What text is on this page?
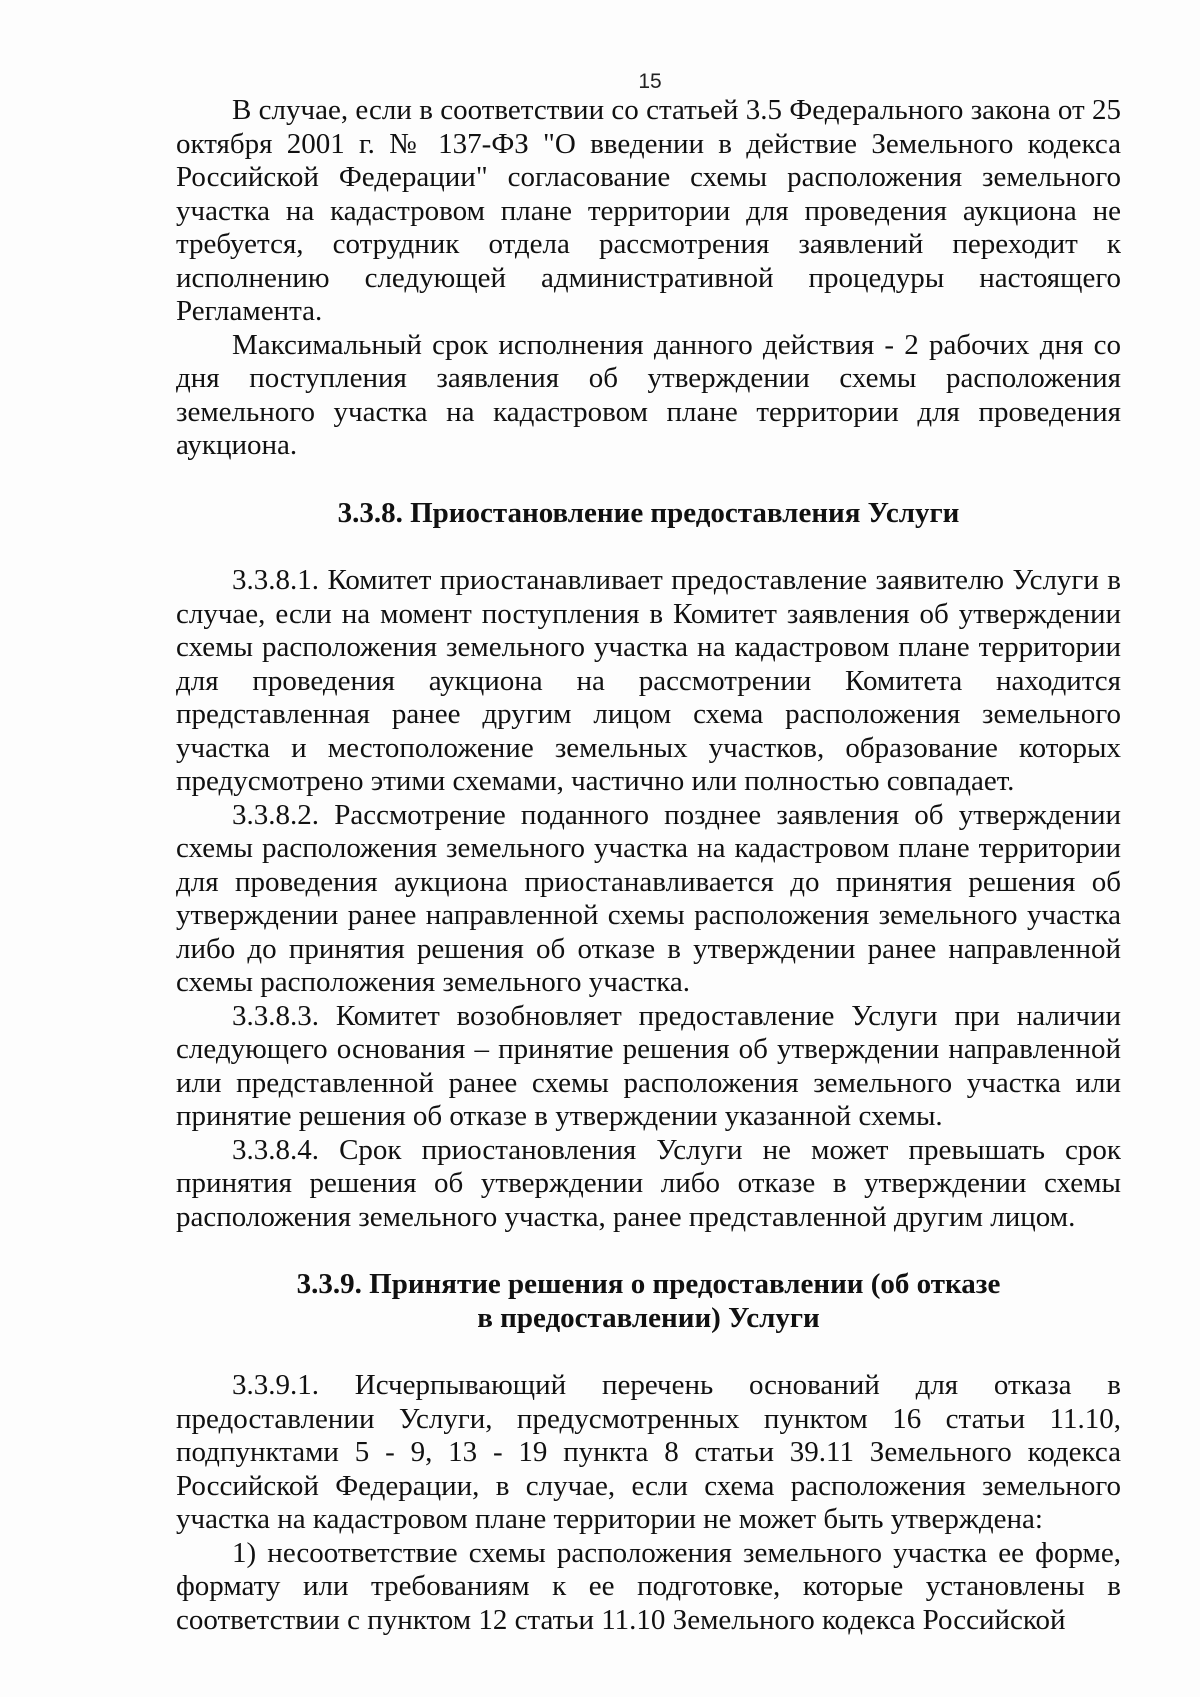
15

В случае, если в соответствии со статьей 3.5 Федерального закона от 25 октября 2001 г. № 137-ФЗ "О введении в действие Земельного кодекса Российской Федерации" согласование схемы расположения земельного участка на кадастровом плане территории для проведения аукциона не требуется, сотрудник отдела рассмотрения заявлений переходит к исполнению следующей административной процедуры настоящего Регламента.

Максимальный срок исполнения данного действия - 2 рабочих дня со дня поступления заявления об утверждении схемы расположения земельного участка на кадастровом плане территории для проведения аукциона.

3.3.8. Приостановление предоставления Услуги

3.3.8.1. Комитет приостанавливает предоставление заявителю Услуги в случае, если на момент поступления в Комитет заявления об утверждении схемы расположения земельного участка на кадастровом плане территории для проведения аукциона на рассмотрении Комитета находится представленная ранее другим лицом схема расположения земельного участка и местоположение земельных участков, образование которых предусмотрено этими схемами, частично или полностью совпадает.

3.3.8.2. Рассмотрение поданного позднее заявления об утверждении схемы расположения земельного участка на кадастровом плане территории для проведения аукциона приостанавливается до принятия решения об утверждении ранее направленной схемы расположения земельного участка либо до принятия решения об отказе в утверждении ранее направленной схемы расположения земельного участка.

3.3.8.3. Комитет возобновляет предоставление Услуги при наличии следующего основания – принятие решения об утверждении направленной или представленной ранее схемы расположения земельного участка или принятие решения об отказе в утверждении указанной схемы.

3.3.8.4. Срок приостановления Услуги не может превышать срок принятия решения об утверждении либо отказе в утверждении схемы расположения земельного участка, ранее представленной другим лицом.

3.3.9. Принятие решения о предоставлении (об отказе
в предоставлении) Услуги

3.3.9.1. Исчерпывающий перечень оснований для отказа в предоставлении Услуги, предусмотренных пунктом 16 статьи 11.10, подпунктами 5 - 9, 13 - 19 пункта 8 статьи 39.11 Земельного кодекса Российской Федерации, в случае, если схема расположения земельного участка на кадастровом плане территории не может быть утверждена:

1) несоответствие схемы расположения земельного участка ее форме, формату или требованиям к ее подготовке, которые установлены в соответствии с пунктом 12 статьи 11.10 Земельного кодекса Российской
